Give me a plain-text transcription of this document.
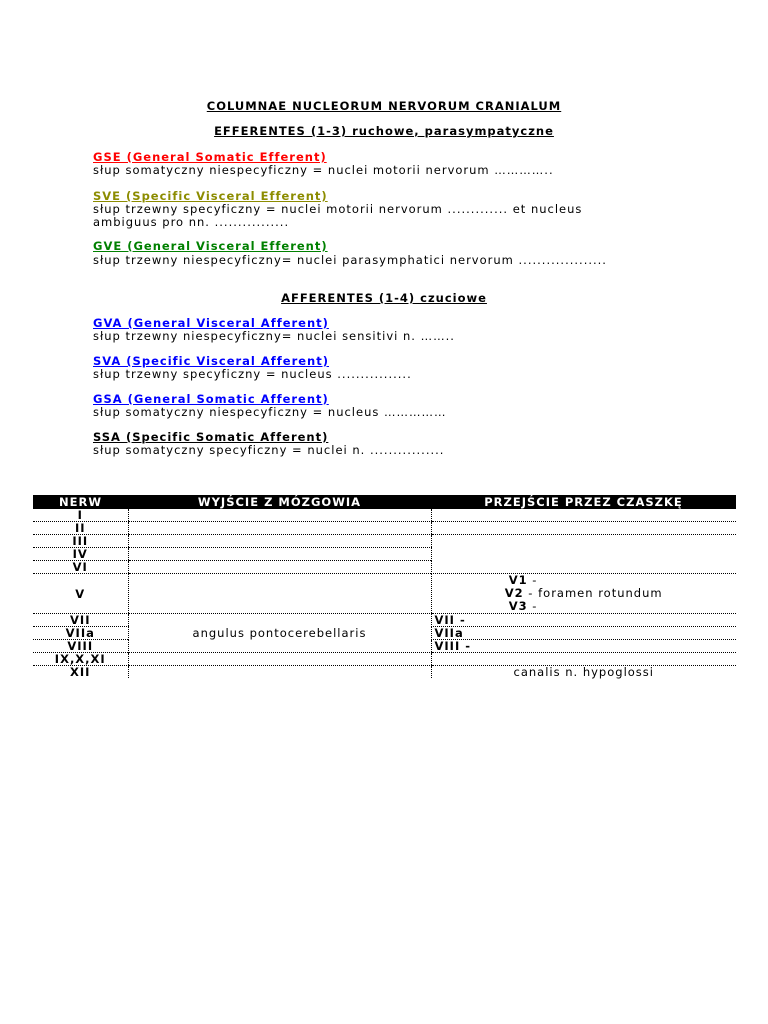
COLUMNAE NUCLEORUM NERVORUM CRANIALUM
EFFERENTES (1-3) ruchowe, parasympatyczne
GSE (General Somatic Efferent)
słup somatyczny niespecyficzny = nuclei motorii nervorum …………..
SVE (Specific Visceral Efferent)
słup trzewny specyficzny = nuclei motorii nervorum ............. et nucleus
ambiguus pro nn. ................
GVE (General Visceral Efferent)
słup trzewny niespecyficzny= nuclei parasymphatici nervorum ...................
AFFERENTES (1-4) czuciowe
GVA (General Visceral Afferent)
słup trzewny niespecyficzny= nuclei sensitivi n. ……..
SVA (Specific Visceral Afferent)
słup trzewny specyficzny = nucleus ................
GSA (General Somatic Afferent)
słup somatyczny niespecyficzny = nucleus ……………
SSA (Specific Somatic Afferent)
słup somatyczny specyficzny = nuclei n. ................
NERW	WYJŚCIE Z MÓZGOWIA	PRZEJŚCIE PRZEZ CZASZKĘ
I		
II		
III		
IV		
VI		
V		V1 -
V2 - foramen rotundum
V3 -

VII	angulus pontocerebellaris	VII -
VIIa		VIIa
VIII		VIII -
IX,X,XI		
XII		canalis n. hypoglossi
